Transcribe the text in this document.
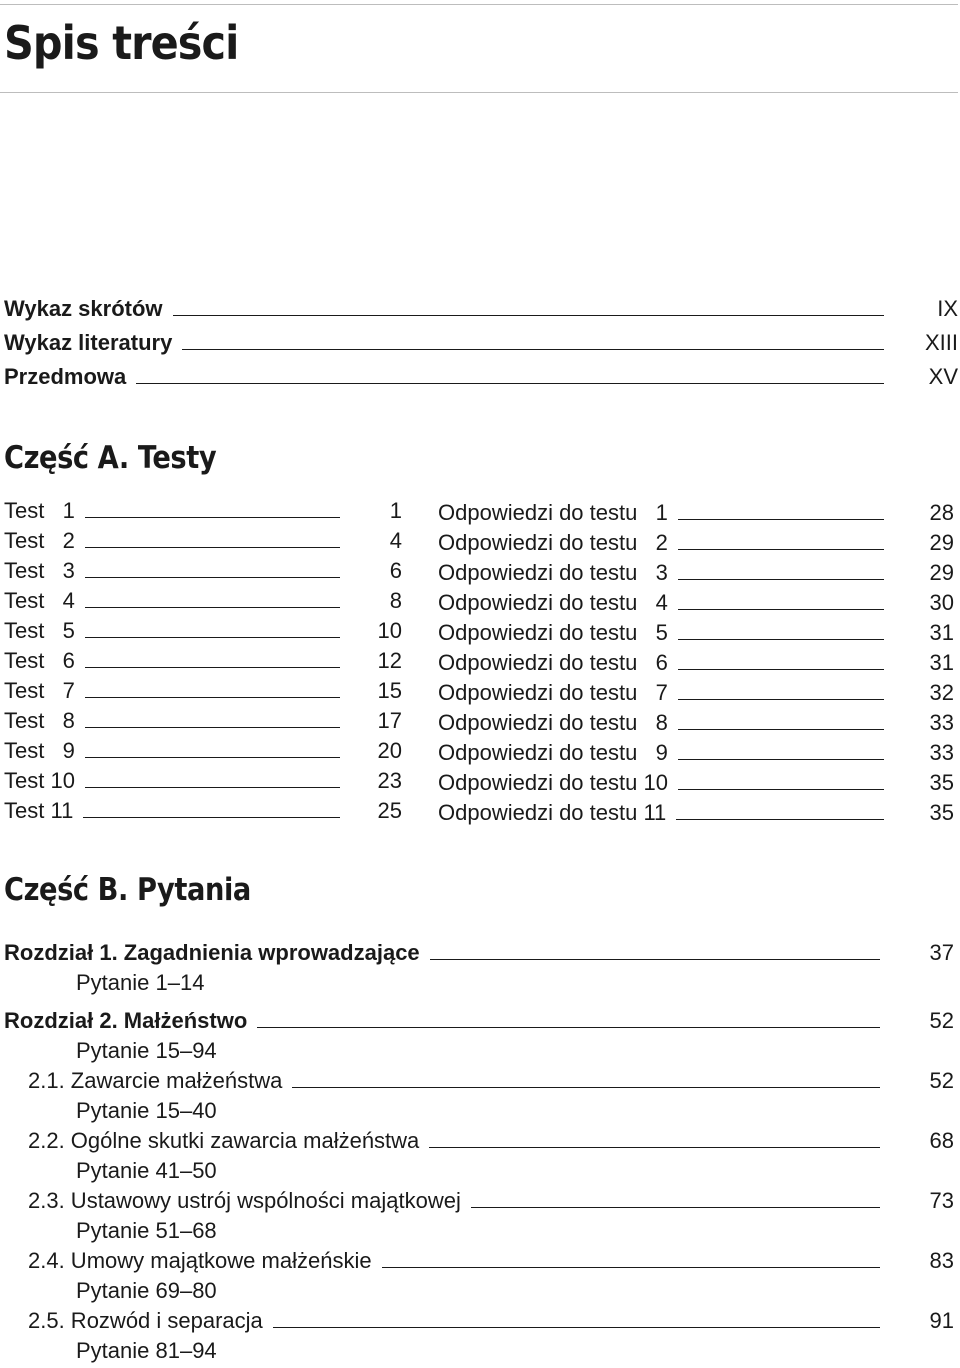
Spis treści
Wykaz skrótów	IX
Wykaz literatury	XIII
Przedmowa	XV
Część A. Testy
Test   1	1
Test   2	4
Test   3	6
Test   4	8
Test   5	10
Test   6	12
Test   7	15
Test   8	17
Test   9	20
Test 10	23
Test 11	25
Odpowiedzi do testu   1	28
Odpowiedzi do testu   2	29
Odpowiedzi do testu   3	29
Odpowiedzi do testu   4	30
Odpowiedzi do testu   5	31
Odpowiedzi do testu   6	31
Odpowiedzi do testu   7	32
Odpowiedzi do testu   8	33
Odpowiedzi do testu   9	33
Odpowiedzi do testu 10	35
Odpowiedzi do testu 11	35
Część B. Pytania
Rozdział 1. Zagadnienia wprowadzające	37
Pytanie 1–14
Rozdział 2. Małżeństwo	52
Pytanie 15–94
2.1. Zawarcie małżeństwa	52
Pytanie 15–40
2.2. Ogólne skutki zawarcia małżeństwa	68
Pytanie 41–50
2.3. Ustawowy ustrój wspólności majątkowej	73
Pytanie 51–68
2.4. Umowy majątkowe małżeńskie	83
Pytanie 69–80
2.5. Rozwód i separacja	91
Pytanie 81–94
